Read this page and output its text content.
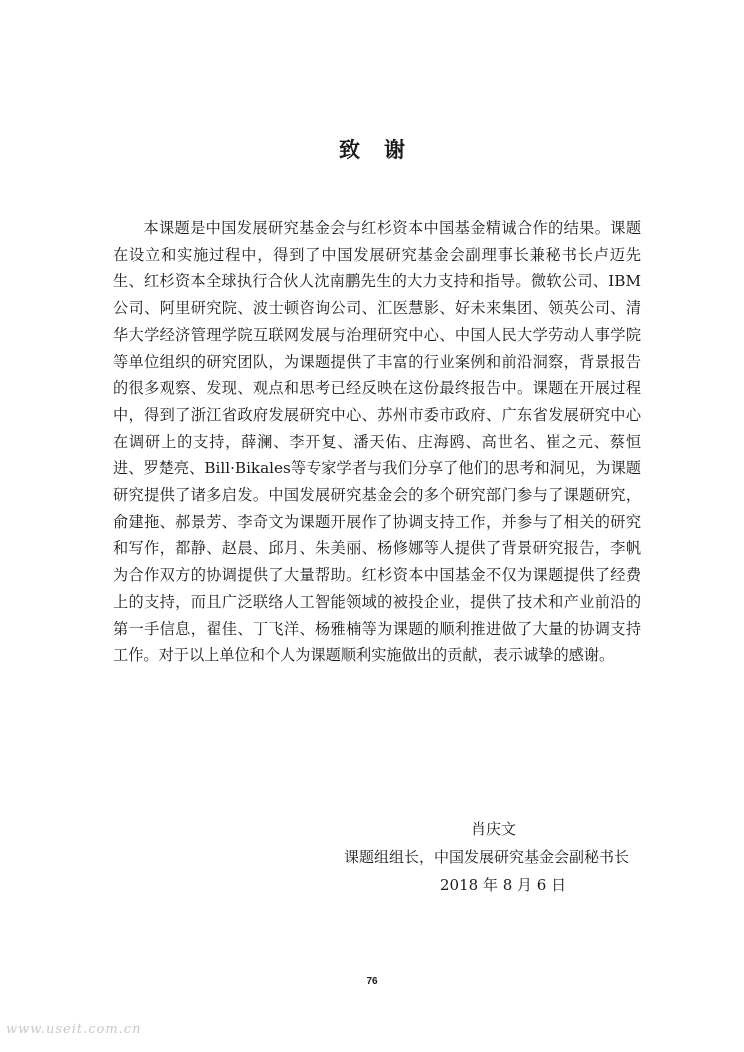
致谢

本课题是中国发展研究基金会与红杉资本中国基金精诚合作的结果。课题在设立和实施过程中，得到了中国发展研究基金会副理事长兼秘书长卢迈先生、红杉资本全球执行合伙人沈南鹏先生的大力支持和指导。微软公司、IBM 公司、阿里研究院、波士顿咨询公司、汇医慧影、好未来集团、领英公司、清华大学经济管理学院互联网发展与治理研究中心、中国人民大学劳动人事学院等单位组织的研究团队，为课题提供了丰富的行业案例和前沿洞察，背景报告的很多观察、发现、观点和思考已经反映在这份最终报告中。课题在开展过程中，得到了浙江省政府发展研究中心、苏州市委市政府、广东省发展研究中心在调研上的支持，薛澜、李开复、潘天佑、庄海鸥、高世名、崔之元、蔡恒进、罗楚亮、Bill·Bikales等专家学者与我们分享了他们的思考和洞见，为课题研究提供了诸多启发。中国发展研究基金会的多个研究部门参与了课题研究，俞建拖、郝景芳、李奇文为课题开展作了协调支持工作，并参与了相关的研究和写作，都静、赵晨、邱月、朱美丽、杨修娜等人提供了背景研究报告，李帆为合作双方的协调提供了大量帮助。红杉资本中国基金不仅为课题提供了经费上的支持，而且广泛联络人工智能领域的被投企业，提供了技术和产业前沿的第一手信息，翟佳、丁飞洋、杨雅楠等为课题的顺利推进做了大量的协调支持工作。对于以上单位和个人为课题顺利实施做出的贡献，表示诚挚的感谢。

肖庆文

课题组组长，中国发展研究基金会副秘书长

2018 年 8 月 6 日

76
www.useit.com.cn
